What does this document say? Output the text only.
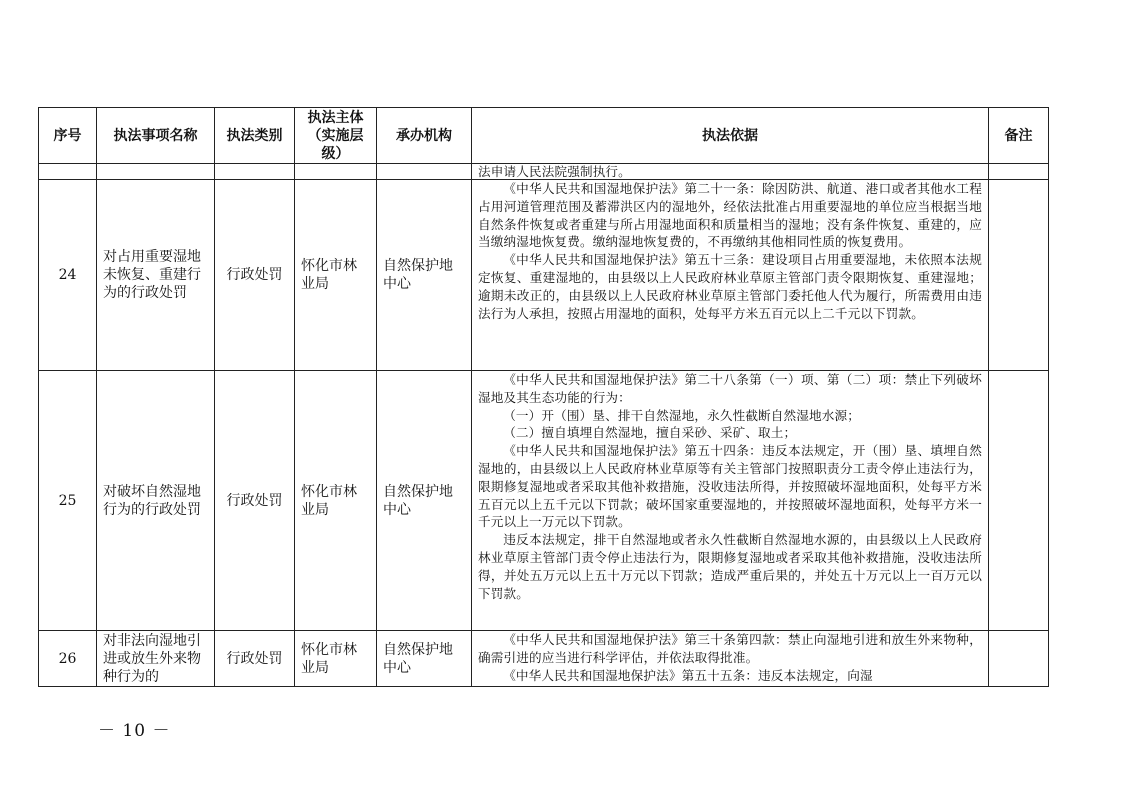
序号	执法事项名称	执法类别	执法主体
（实施层
级）	承办机构	执法依据	备注

					法申请人民法院强制执行。	

24	对占用重要湿地未恢复、重建行为的行政处罚	行政处罚	怀化市林业局	自然保护地中心	《中华人民共和国湿地保护法》第二十一条：除因防洪、航道、港口或者其他水工程占用河道管理范围及蓄滞洪区内的湿地外，经依法批准占用重要湿地的单位应当根据当地自然条件恢复或者重建与所占用湿地面积和质量相当的湿地；没有条件恢复、重建的，应当缴纳湿地恢复费。缴纳湿地恢复费的，不再缴纳其他相同性质的恢复费用。

《中华人民共和国湿地保护法》第五十三条：建设项目占用重要湿地，未依照本法规定恢复、重建湿地的，由县级以上人民政府林业草原主管部门责令限期恢复、重建湿地；逾期未改正的，由县级以上人民政府林业草原主管部门委托他人代为履行，所需费用由违法行为人承担，按照占用湿地的面积，处每平方米五百元以上二千元以下罚款。	

25	对破坏自然湿地行为的行政处罚	行政处罚	怀化市林业局	自然保护地中心	《中华人民共和国湿地保护法》第二十八条第（一）项、第（二）项：禁止下列破坏湿地及其生态功能的行为：

（一）开（围）垦、排干自然湿地，永久性截断自然湿地水源；

（二）擅自填埋自然湿地，擅自采砂、采矿、取土；

《中华人民共和国湿地保护法》第五十四条：违反本法规定，开（围）垦、填埋自然湿地的，由县级以上人民政府林业草原等有关主管部门按照职责分工责令停止违法行为，限期修复湿地或者采取其他补救措施，没收违法所得，并按照破坏湿地面积，处每平方米五百元以上五千元以下罚款；破坏国家重要湿地的，并按照破坏湿地面积，处每平方米一千元以上一万元以下罚款。

违反本法规定，排干自然湿地或者永久性截断自然湿地水源的，由县级以上人民政府林业草原主管部门责令停止违法行为，限期修复湿地或者采取其他补救措施，没收违法所得，并处五万元以上五十万元以下罚款；造成严重后果的，并处五十万元以上一百万元以下罚款。	

26	对非法向湿地引进或放生外来物种行为的	行政处罚	怀化市林业局	自然保护地中心	《中华人民共和国湿地保护法》第三十条第四款：禁止向湿地引进和放生外来物种，确需引进的应当进行科学评估，并依法取得批准。

《中华人民共和国湿地保护法》第五十五条：违反本法规定，向湿	

－ 10 －
